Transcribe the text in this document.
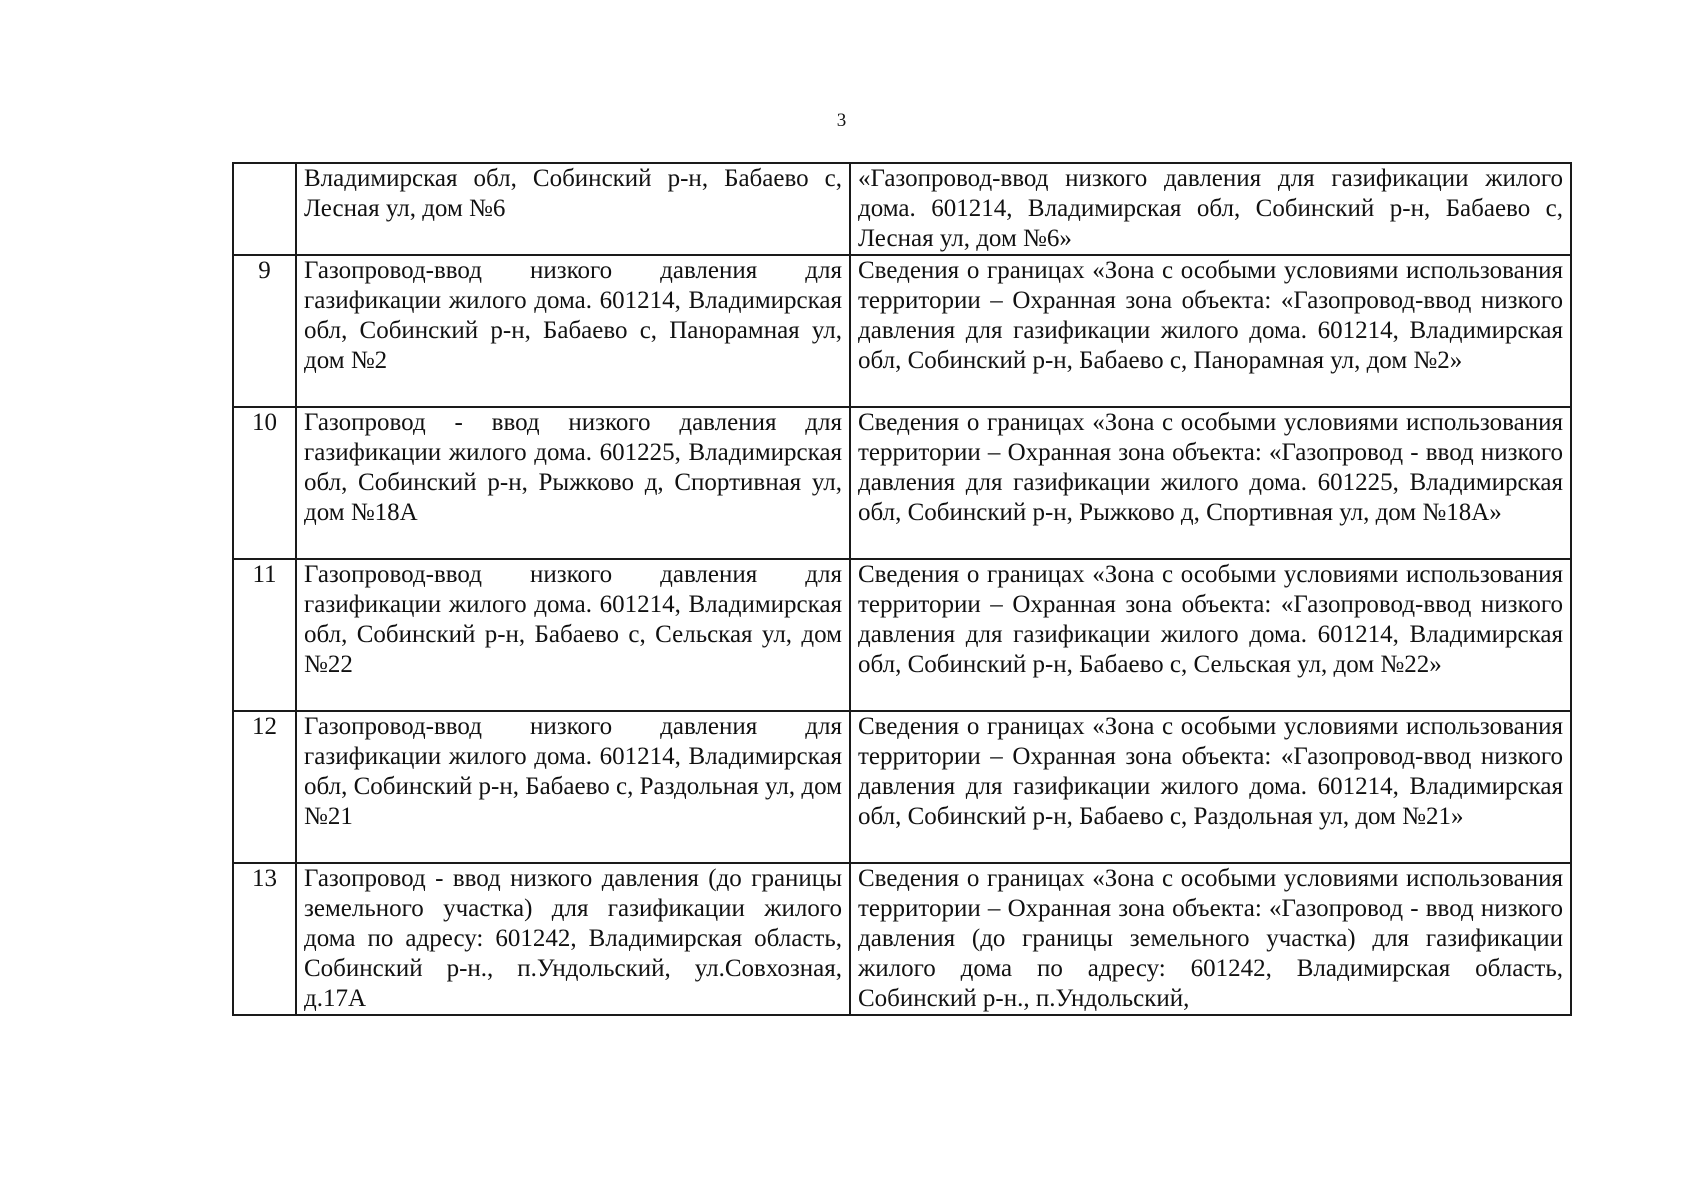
3

	Владимирская обл, Собинский р-н, Бабаево с, Лесная ул, дом №6	«Газопровод-ввод низкого давления для газификации жилого дома. 601214, Владимирская обл, Собинский р-н, Бабаево с, Лесная ул, дом №6»

9	Газопровод-ввод низкого давления для газификации жилого дома. 601214, Владимирская обл, Собинский р-н, Бабаево с, Панорамная ул, дом №2	Сведения о границах «Зона с особыми условиями использования территории – Охранная зона объекта: «Газопровод-ввод низкого давления для газификации жилого дома. 601214, Владимирская обл, Собинский р-н, Бабаево с, Панорамная ул, дом №2»

10	Газопровод - ввод низкого давления для газификации жилого дома. 601225, Владимирская обл, Собинский р-н, Рыжково д, Спортивная ул, дом №18А	Сведения о границах «Зона с особыми условиями использования территории – Охранная зона объекта: «Газопровод - ввод низкого давления для газификации жилого дома. 601225, Владимирская обл, Собинский р-н, Рыжково д, Спортивная ул, дом №18А»

11	Газопровод-ввод низкого давления для газификации жилого дома. 601214, Владимирская обл, Собинский р-н, Бабаево с, Сельская ул, дом №22	Сведения о границах «Зона с особыми условиями использования территории – Охранная зона объекта: «Газопровод-ввод низкого давления для газификации жилого дома. 601214, Владимирская обл, Собинский р-н, Бабаево с, Сельская ул, дом №22»

12	Газопровод-ввод низкого давления для газификации жилого дома. 601214, Владимирская обл, Собинский р-н, Бабаево с, Раздольная ул, дом №21	Сведения о границах «Зона с особыми условиями использования территории – Охранная зона объекта: «Газопровод-ввод низкого давления для газификации жилого дома. 601214, Владимирская обл, Собинский р-н, Бабаево с, Раздольная ул, дом №21»

13	Газопровод - ввод низкого давления (до границы земельного участка) для газификации жилого дома по адресу: 601242, Владимирская область, Собинский р-н., п.Ундольский, ул.Совхозная, д.17А	Сведения о границах «Зона с особыми условиями использования территории – Охранная зона объекта: «Газопровод - ввод низкого давления (до границы земельного участка) для газификации жилого дома по адресу: 601242, Владимирская область, Собинский р-н., п.Ундольский,
